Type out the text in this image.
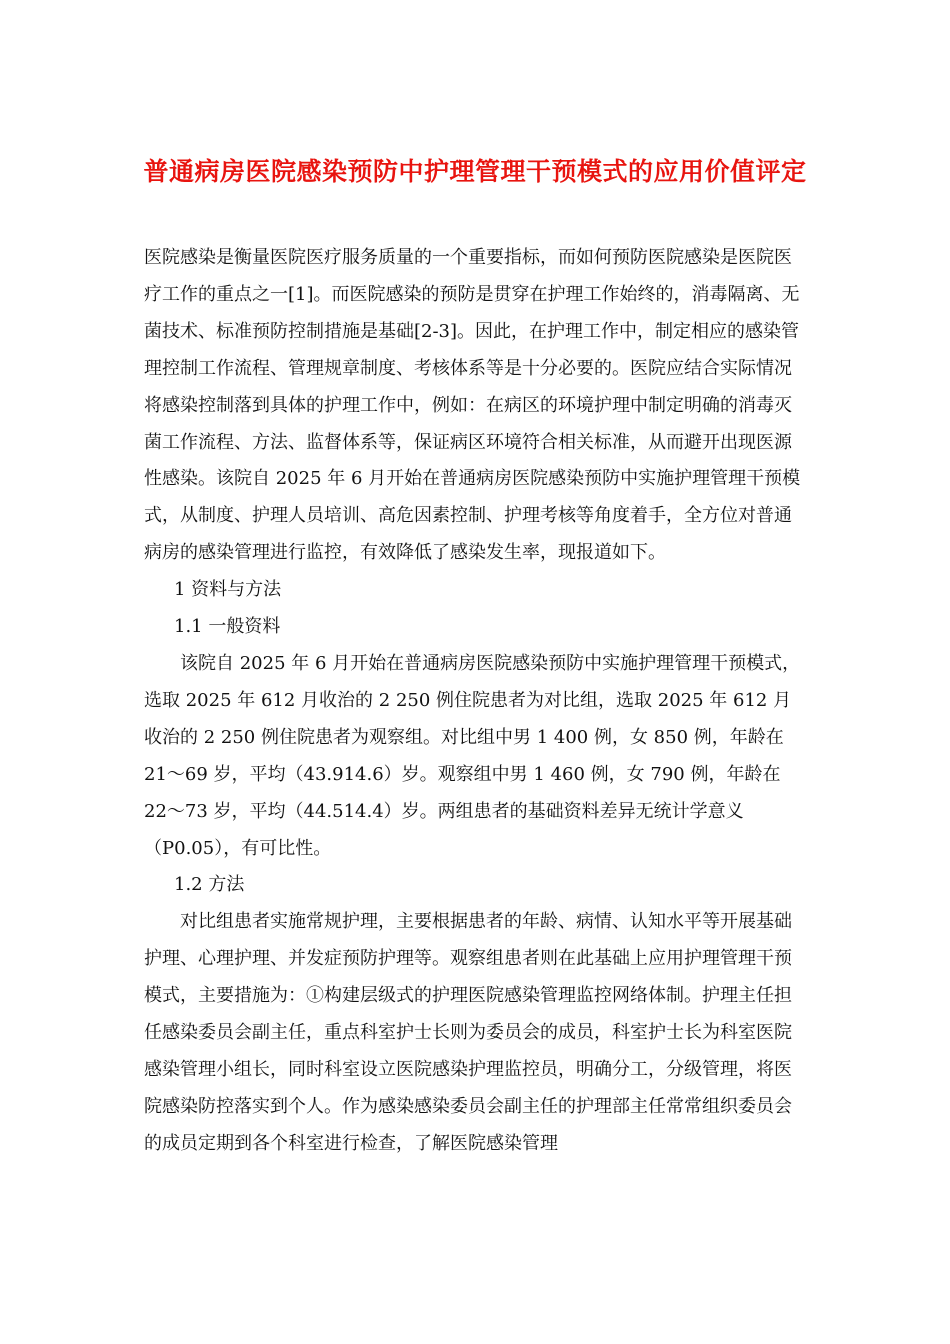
普通病房医院感染预防中护理管理干预模式的应用价值评定

医院感染是衡量医院医疗服务质量的一个重要指标，而如何预防医院感染是医院医疗工作的重点之一[1]。而医院感染的预防是贯穿在护理工作始终的，消毒隔离、无菌技术、标准预防控制措施是基础[2-3]。因此，在护理工作中，制定相应的感染管理控制工作流程、管理规章制度、考核体系等是十分必要的。医院应结合实际情况将感染控制落到具体的护理工作中，例如：在病区的环境护理中制定明确的消毒灭菌工作流程、方法、监督体系等，保证病区环境符合相关标准，从而避开出现医源性感染。该院自 2025 年 6 月开始在普通病房医院感染预防中实施护理管理干预模式，从制度、护理人员培训、高危因素控制、护理考核等角度着手，全方位对普通病房的感染管理进行监控，有效降低了感染发生率，现报道如下。

1 资料与方法

1.1 一般资料

该院自 2025 年 6 月开始在普通病房医院感染预防中实施护理管理干预模式，选取 2025 年 612 月收治的 2 250 例住院患者为对比组，选取 2025 年 612 月收治的 2 250 例住院患者为观察组。对比组中男 1 400 例，女 850 例，年龄在 21～69 岁，平均（43.914.6）岁。观察组中男 1 460 例，女 790 例，年龄在 22～73 岁，平均（44.514.4）岁。两组患者的基础资料差异无统计学意义（P0.05），有可比性。

1.2 方法

对比组患者实施常规护理，主要根据患者的年龄、病情、认知水平等开展基础护理、心理护理、并发症预防护理等。观察组患者则在此基础上应用护理管理干预模式，主要措施为：①构建层级式的护理医院感染管理监控网络体制。护理主任担任感染委员会副主任，重点科室护士长则为委员会的成员，科室护士长为科室医院感染管理小组长，同时科室设立医院感染护理监控员，明确分工，分级管理，将医院感染防控落实到个人。作为感染感染委员会副主任的护理部主任常常组织委员会的成员定期到各个科室进行检查，了解医院感染管理
